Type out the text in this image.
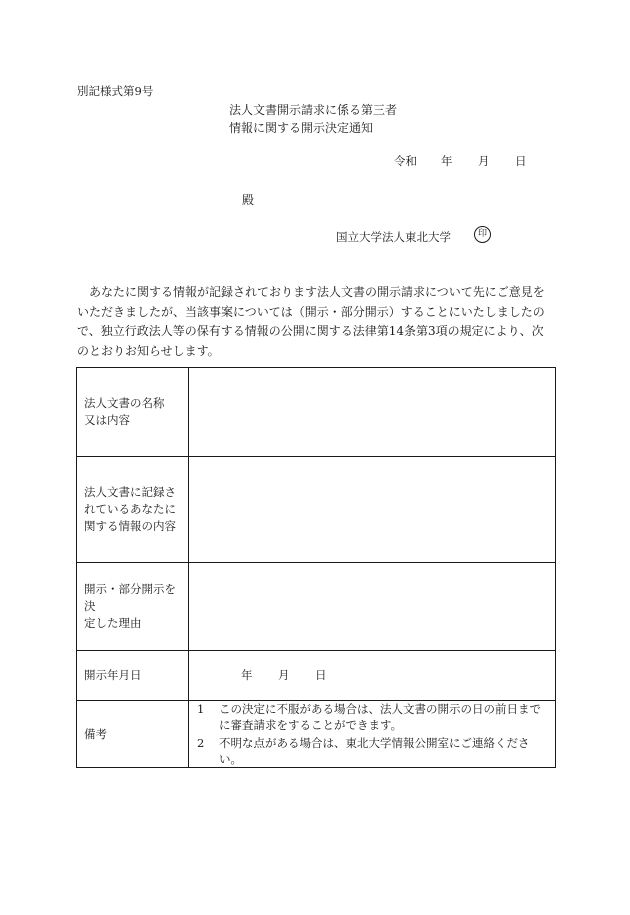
別記様式第9号
法人文書開示請求に係る第三者
情報に関する開示決定通知
令和 年 月 日
殿
国立大学法人東北大学	印
あなたに関する情報が記録されております法人文書の開示請求について先にご意見をいただきましたが、当該事案については（開示・部分開示）することにいたしましたので、独立行政法人等の保有する情報の公開に関する法律第14条第3項の規定により、次のとおりお知らせします。
法人文書の名称
又は内容	

法人文書に記録さ
れているあなたに
関する情報の内容	

開示・部分開示を決
定した理由	

開示年月日	年 月 日
備考	1 この決定に不服がある場合は、法人文書の開示の日の前日までに審査請求をすることができます。
2 不明な点がある場合は、東北大学情報公開室にご連絡ください。
